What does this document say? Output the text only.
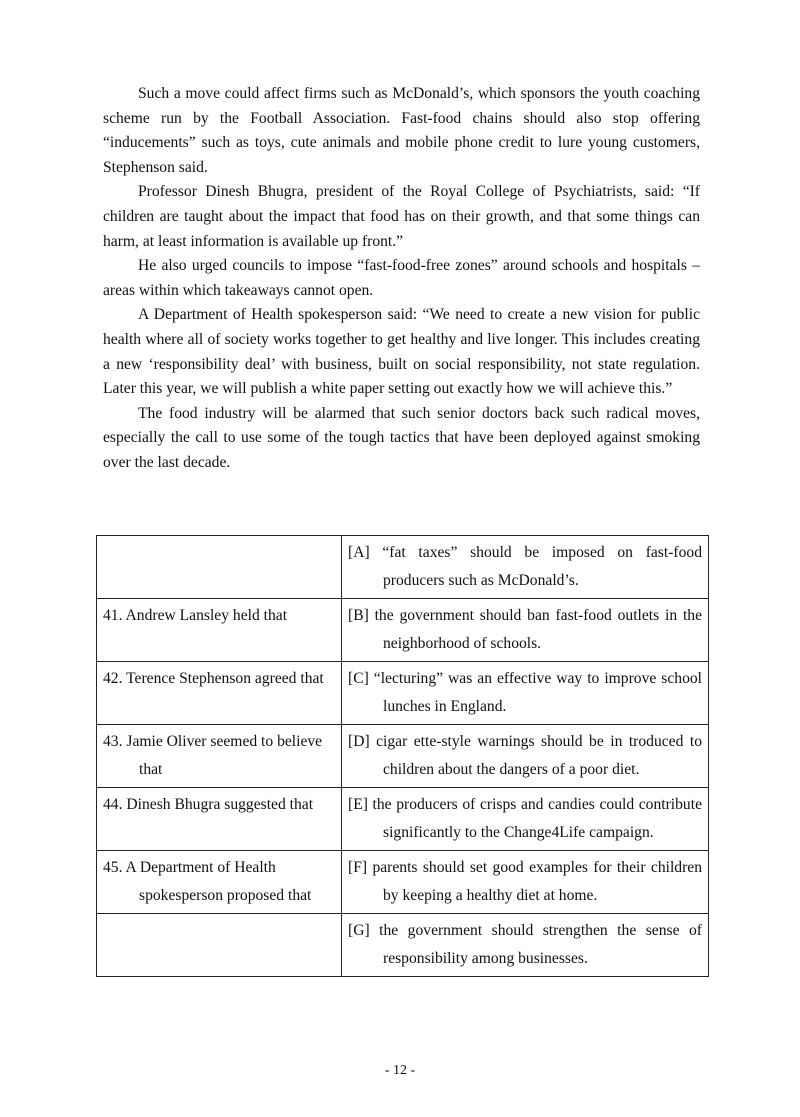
Such a move could affect firms such as McDonald’s, which sponsors the youth coaching scheme run by the Football Association. Fast-food chains should also stop offering “inducements” such as toys, cute animals and mobile phone credit to lure young customers, Stephenson said.

Professor Dinesh Bhugra, president of the Royal College of Psychiatrists, said: “If children are taught about the impact that food has on their growth, and that some things can harm, at least information is available up front.”

He also urged councils to impose “fast-food-free zones” around schools and hospitals – areas within which takeaways cannot open.

A Department of Health spokesperson said: “We need to create a new vision for public health where all of society works together to get healthy and live longer. This includes creating a new ‘responsibility deal’ with business, built on social responsibility, not state regulation. Later this year, we will publish a white paper setting out exactly how we will achieve this.”

The food industry will be alarmed that such senior doctors back such radical moves, especially the call to use some of the tough tactics that have been deployed against smoking over the last decade.

	[A] “fat taxes” should be imposed on fast-food producers such as McDonald’s.

41. Andrew Lansley held that	[B] the government should ban fast-food outlets in the neighborhood of schools.

42. Terence Stephenson agreed that	[C] “lecturing” was an effective way to improve school lunches in England.

43. Jamie Oliver seemed to believe that	[D] cigar ette-style warnings should be in troduced to children about the dangers of a poor diet.

44. Dinesh Bhugra suggested that	[E] the producers of crisps and candies could contribute significantly to the Change4Life campaign.

45. A Department of Health spokesperson proposed that	[F] parents should set good examples for their children by keeping a healthy diet at home.

	[G] the government should strengthen the sense of responsibility among businesses.
- 12 -
